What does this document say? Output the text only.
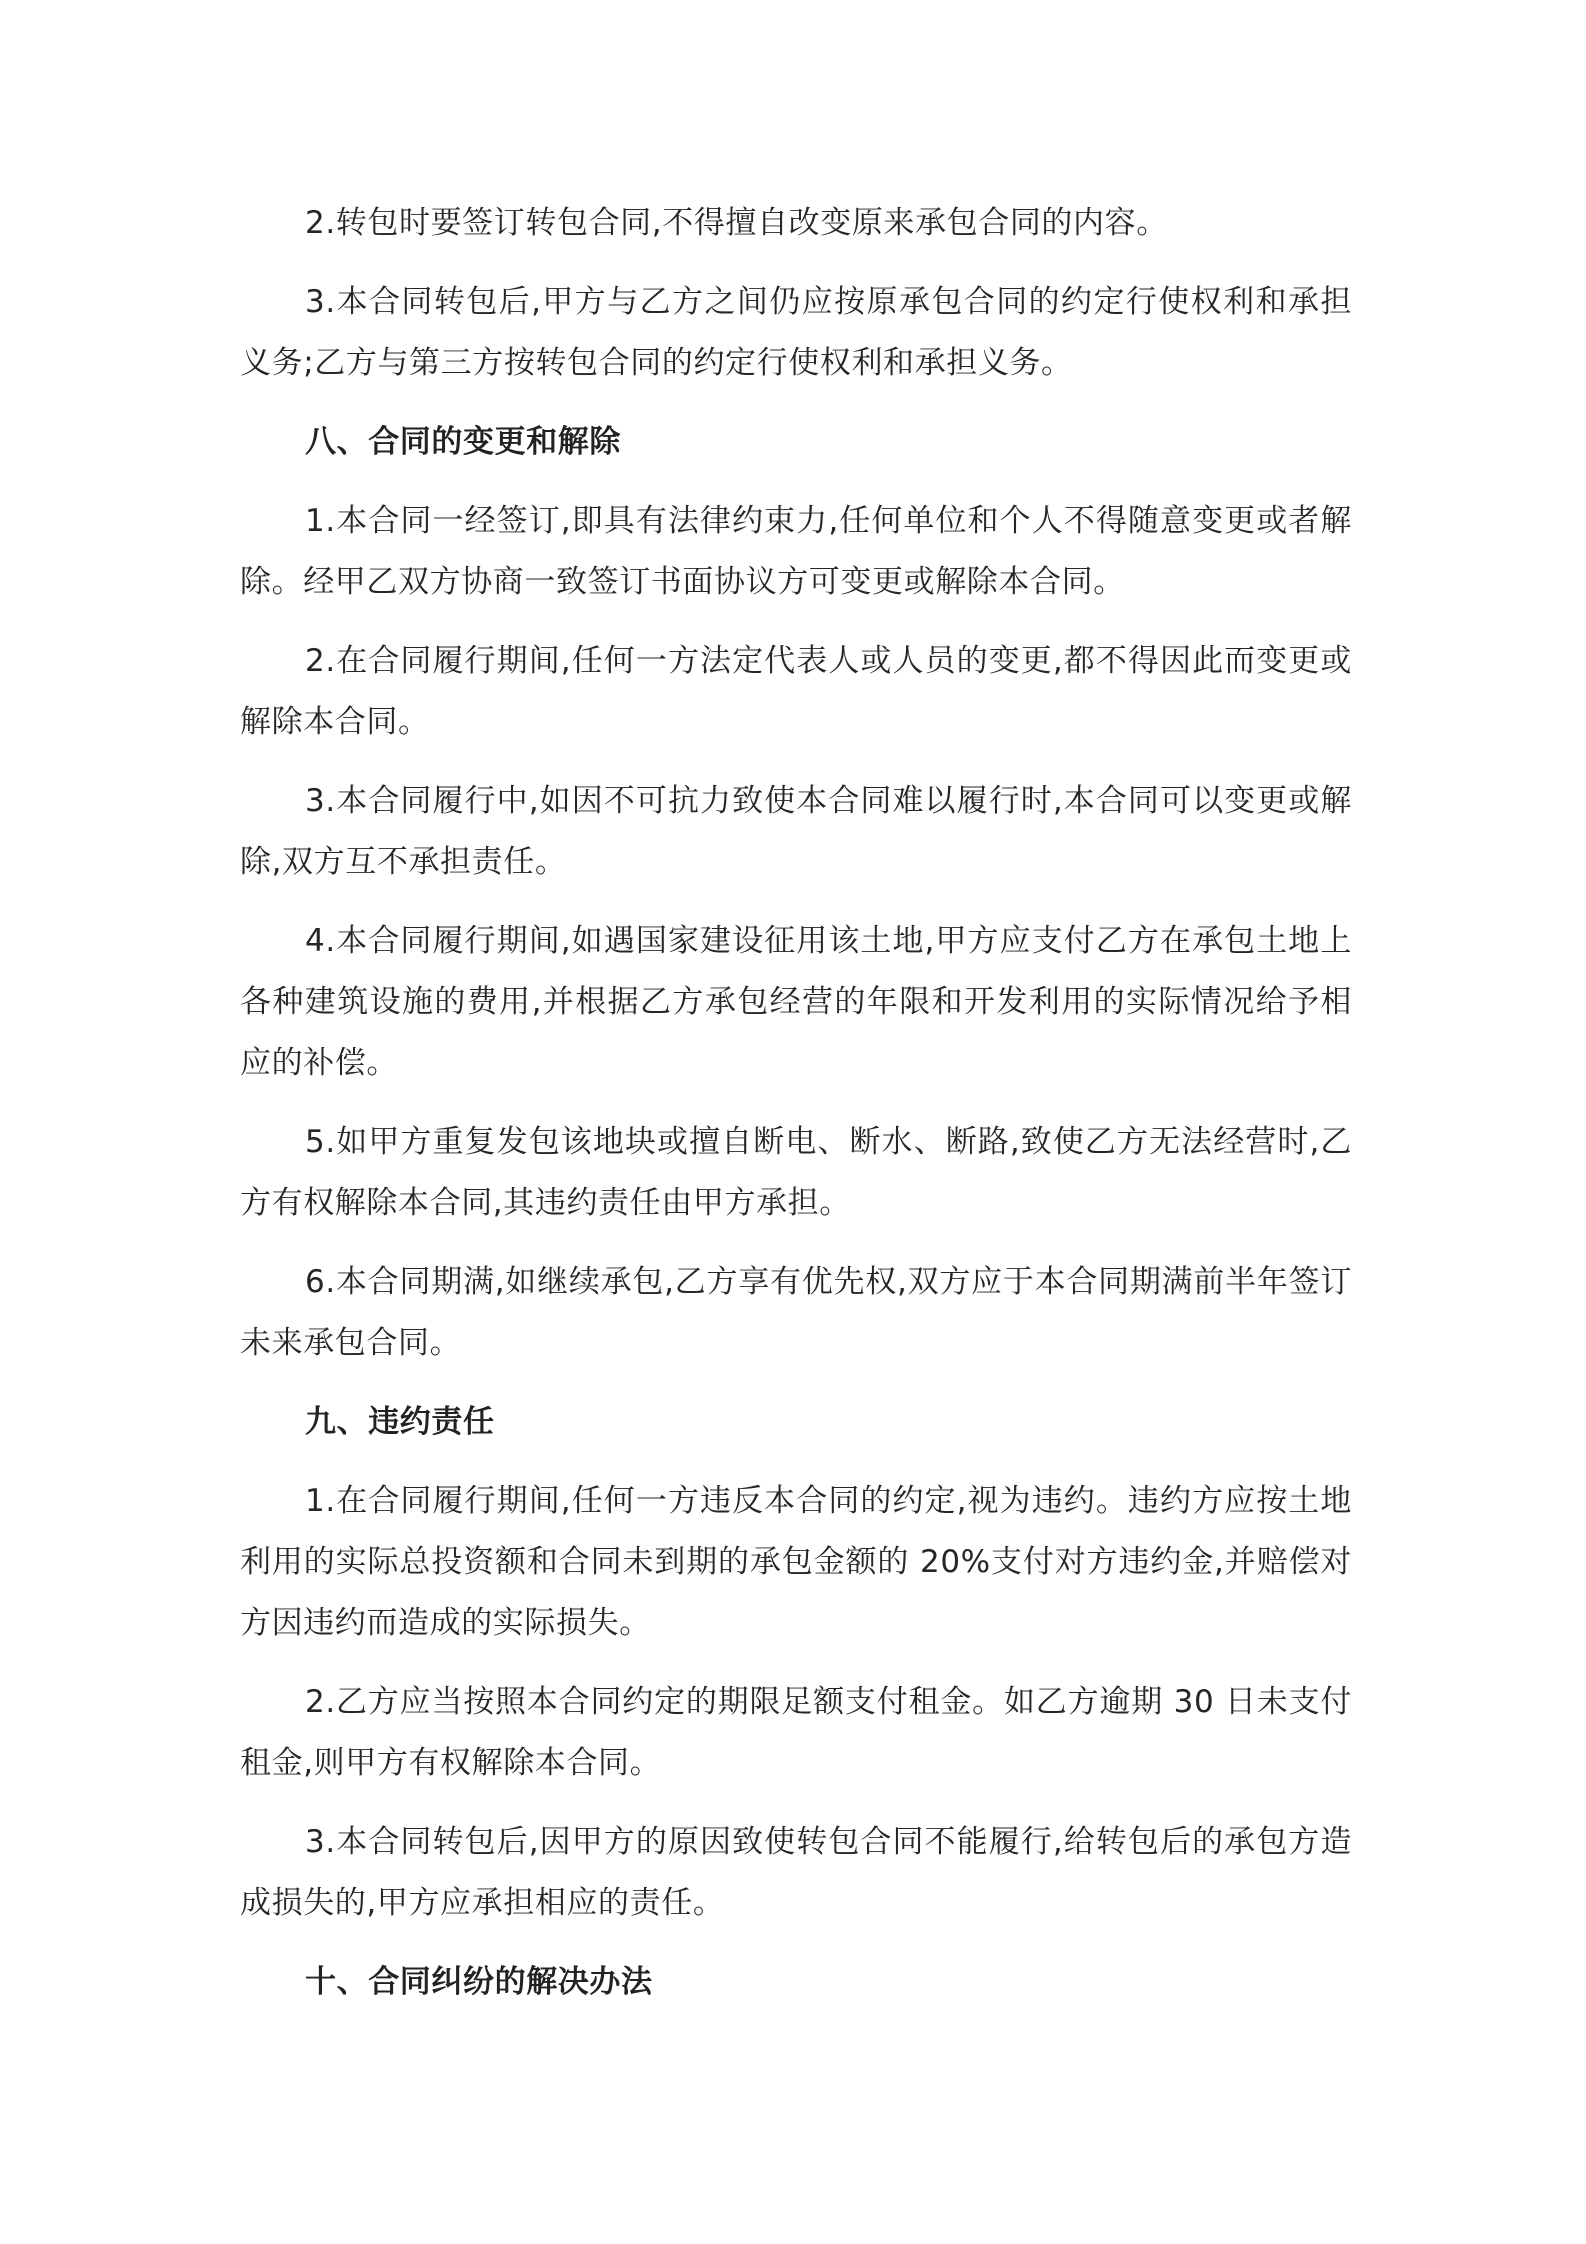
2.转包时要签订转包合同,不得擅自改变原来承包合同的内容。

3.本合同转包后,甲方与乙方之间仍应按原承包合同的约定行使权利和承担义务;乙方与第三方按转包合同的约定行使权利和承担义务。

八、合同的变更和解除

1.本合同一经签订,即具有法律约束力,任何单位和个人不得随意变更或者解除。经甲乙双方协商一致签订书面协议方可变更或解除本合同。

2.在合同履行期间,任何一方法定代表人或人员的变更,都不得因此而变更或解除本合同。

3.本合同履行中,如因不可抗力致使本合同难以履行时,本合同可以变更或解除,双方互不承担责任。

4.本合同履行期间,如遇国家建设征用该土地,甲方应支付乙方在承包土地上各种建筑设施的费用,并根据乙方承包经营的年限和开发利用的实际情况给予相应的补偿。

5.如甲方重复发包该地块或擅自断电、断水、断路,致使乙方无法经营时,乙方有权解除本合同,其违约责任由甲方承担。

6.本合同期满,如继续承包,乙方享有优先权,双方应于本合同期满前半年签订未来承包合同。

九、违约责任

1.在合同履行期间,任何一方违反本合同的约定,视为违约。违约方应按土地利用的实际总投资额和合同未到期的承包金额的 20%支付对方违约金,并赔偿对方因违约而造成的实际损失。

2.乙方应当按照本合同约定的期限足额支付租金。如乙方逾期 30 日未支付租金,则甲方有权解除本合同。

3.本合同转包后,因甲方的原因致使转包合同不能履行,给转包后的承包方造成损失的,甲方应承担相应的责任。

十、合同纠纷的解决办法
